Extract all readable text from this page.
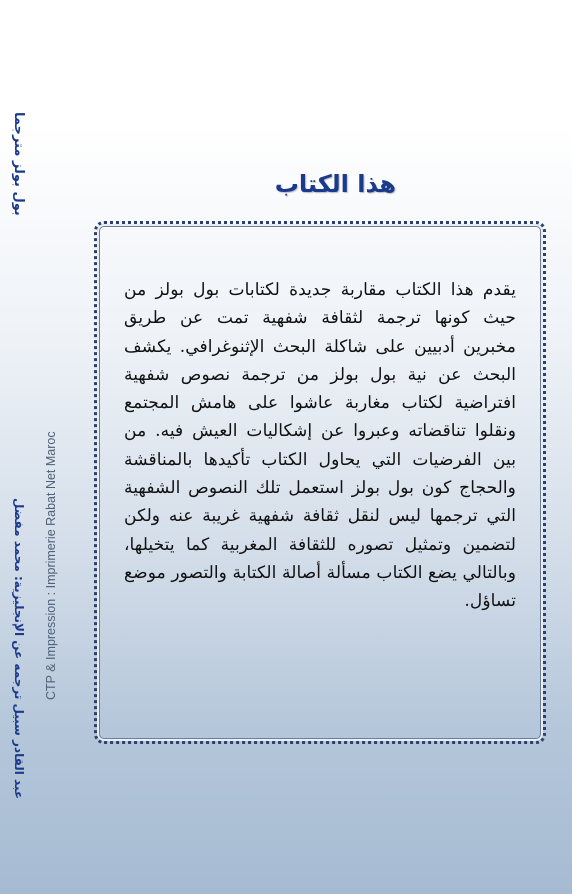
بول بولز مترجما
عبد القادر سبيل ترجمه عن الإنجليزية: محمد مفضل CTP & Impression : Imprimerie Rabat Net Maroc
هذا الكتاب

يقدم هذا الكتاب مقاربة جديدة لكتابات بول بولز من حيث كونها ترجمة لثقافة شفهية تمت عن طريق مخبرين أدبيين على شاكلة البحث الإثنوغرافي. يكشف البحث عن نية بول بولز من ترجمة نصوص شفهية افتراضية لكتاب مغاربة عاشوا على هامش المجتمع ونقلوا تناقضاته وعبروا عن إشكاليات العيش فيه. من بين الفرضيات التي يحاول الكتاب تأكيدها بالمناقشة والحجاج كون بول بولز استعمل تلك النصوص الشفهية التي ترجمها ليس لنقل ثقافة شفهية غريبة عنه ولكن لتضمين وتمثيل تصوره للثقافة المغربية كما يتخيلها، وبالتالي يضع الكتاب مسألة أصالة الكتابة والتصور موضع تساؤل.
